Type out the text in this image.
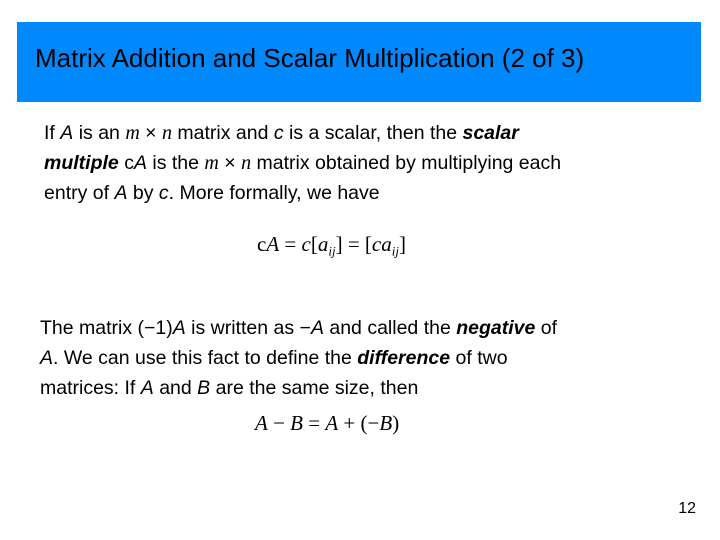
Matrix Addition and Scalar Multiplication (2 of 3)
If A is an m × n matrix and c is a scalar, then the scalar
multiple cA is the m × n matrix obtained by multiplying each
entry of A by c. More formally, we have
cA = $c[a_{ij}] = [ca_{ij}]$
The matrix (−1)A is written as −A and called the negative of
A. We can use this fact to define the difference of two
matrices: If A and B are the same size, then
A − B = A + (−B)
12
